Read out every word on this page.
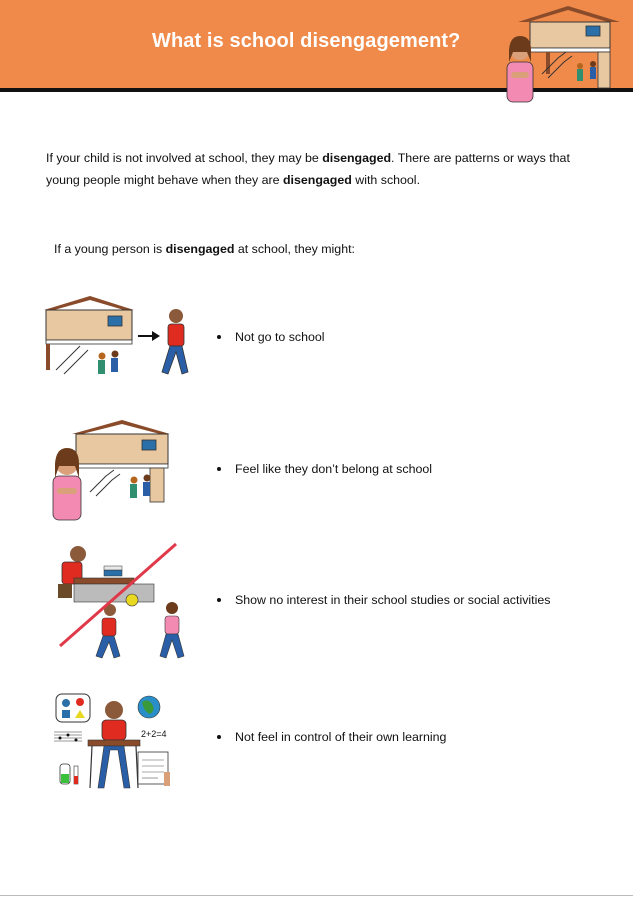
What is school disengagement?
If your child is not involved at school, they may be disengaged. There are patterns or ways that young people might behave when they are disengaged with school.
If a young person is disengaged at school, they might:
Not go to school
Feel like they don’t belong at school
Show no interest in their school studies or social activities
2+2=4	Not feel in control of their own learning
